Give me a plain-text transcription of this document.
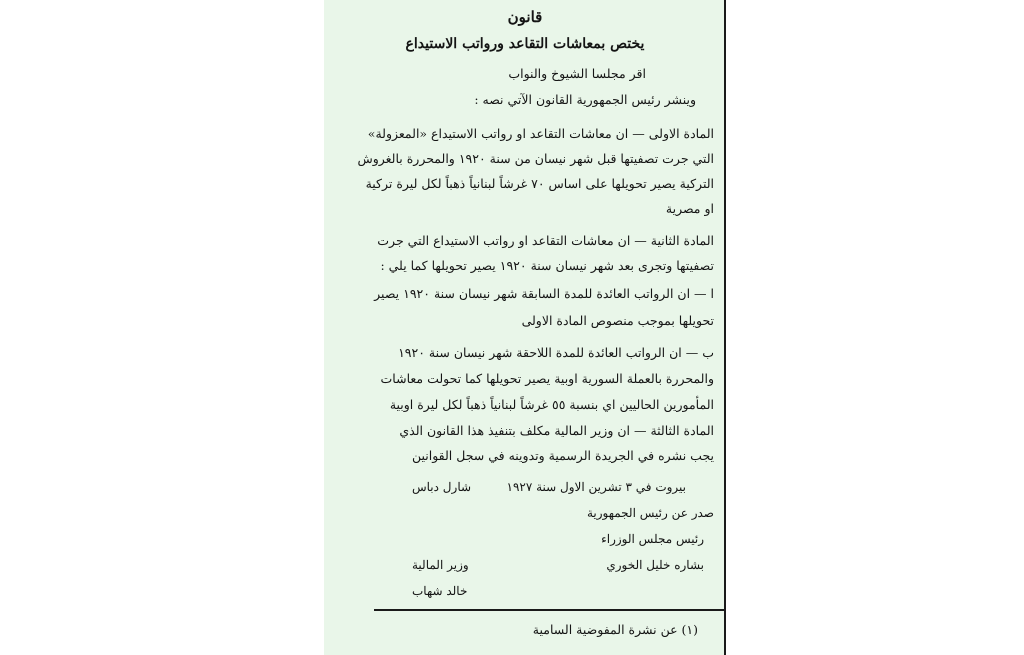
قانون
يختص بمعاشات التقاعد ورواتب الاستيداع
اقر مجلسا الشيوخ والنواب
وينشر رئيس الجمهورية القانون الآتي نصه :
المادة الاولى — ان معاشات التقاعد او رواتب الاستيداع «المعزولة»
التي جرت تصفيتها قبل شهر نيسان من سنة ١٩٢٠ والمحررة بالغروش
التركية يصير تحويلها على اساس ٧٠ غرشاً لبنانياً ذهباً لكل ليرة تركية
او مصرية
المادة الثانية — ان معاشات التقاعد او رواتب الاستيداع التي جرت
تصفيتها وتجرى بعد شهر نيسان سنة ١٩٢٠ يصير تحويلها كما يلي :
ا — ان الرواتب العائدة للمدة السابقة شهر نيسان سنة ١٩٢٠ يصير
تحويلها بموجب منصوص المادة الاولى
ب — ان الرواتب العائدة للمدة اللاحقة شهر نيسان سنة ١٩٢٠
والمحررة بالعملة السورية اوبية يصير تحويلها كما تحولت معاشات
المأمورين الحاليين اي بنسبة ٥٥ غرشاً لبنانياً ذهباً لكل ليرة اوبية
المادة الثالثة — ان وزير المالية مكلف بتنفيذ هذا القانون الذي
يجب نشره في الجريدة الرسمية وتدوينه في سجل القوانين
بيروت في ٣ تشرين الاول سنة ١٩٢٧
شارل دباس
صدر عن رئيس الجمهورية
رئيس مجلس الوزراء
بشاره خليل الخوري
وزير المالية
خالد شهاب
(١) عن نشرة المفوضية السامية
